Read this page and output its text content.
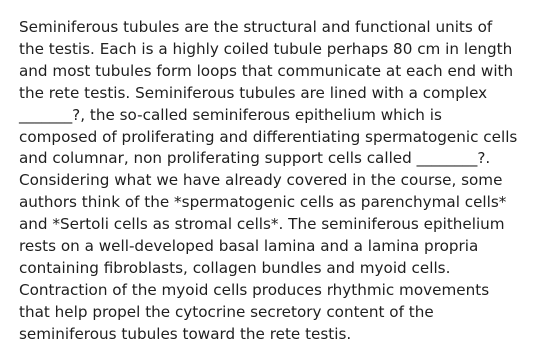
Seminiferous tubules are the structural and functional units of
the testis. Each is a highly coiled tubule perhaps 80 cm in length
and most tubules form loops that communicate at each end with
the rete testis. Seminiferous tubules are lined with a complex
_______?, the so-called seminiferous epithelium which is
composed of proliferating and differentiating spermatogenic cells
and columnar, non proliferating support cells called ________?.
Considering what we have already covered in the course, some
authors think of the *spermatogenic cells as parenchymal cells*
and *Sertoli cells as stromal cells*. The seminiferous epithelium
rests on a well-developed basal lamina and a lamina propria
containing fibroblasts, collagen bundles and myoid cells.
Contraction of the myoid cells produces rhythmic movements
that help propel the cytocrine secretory content of the
seminiferous tubules toward the rete testis.
